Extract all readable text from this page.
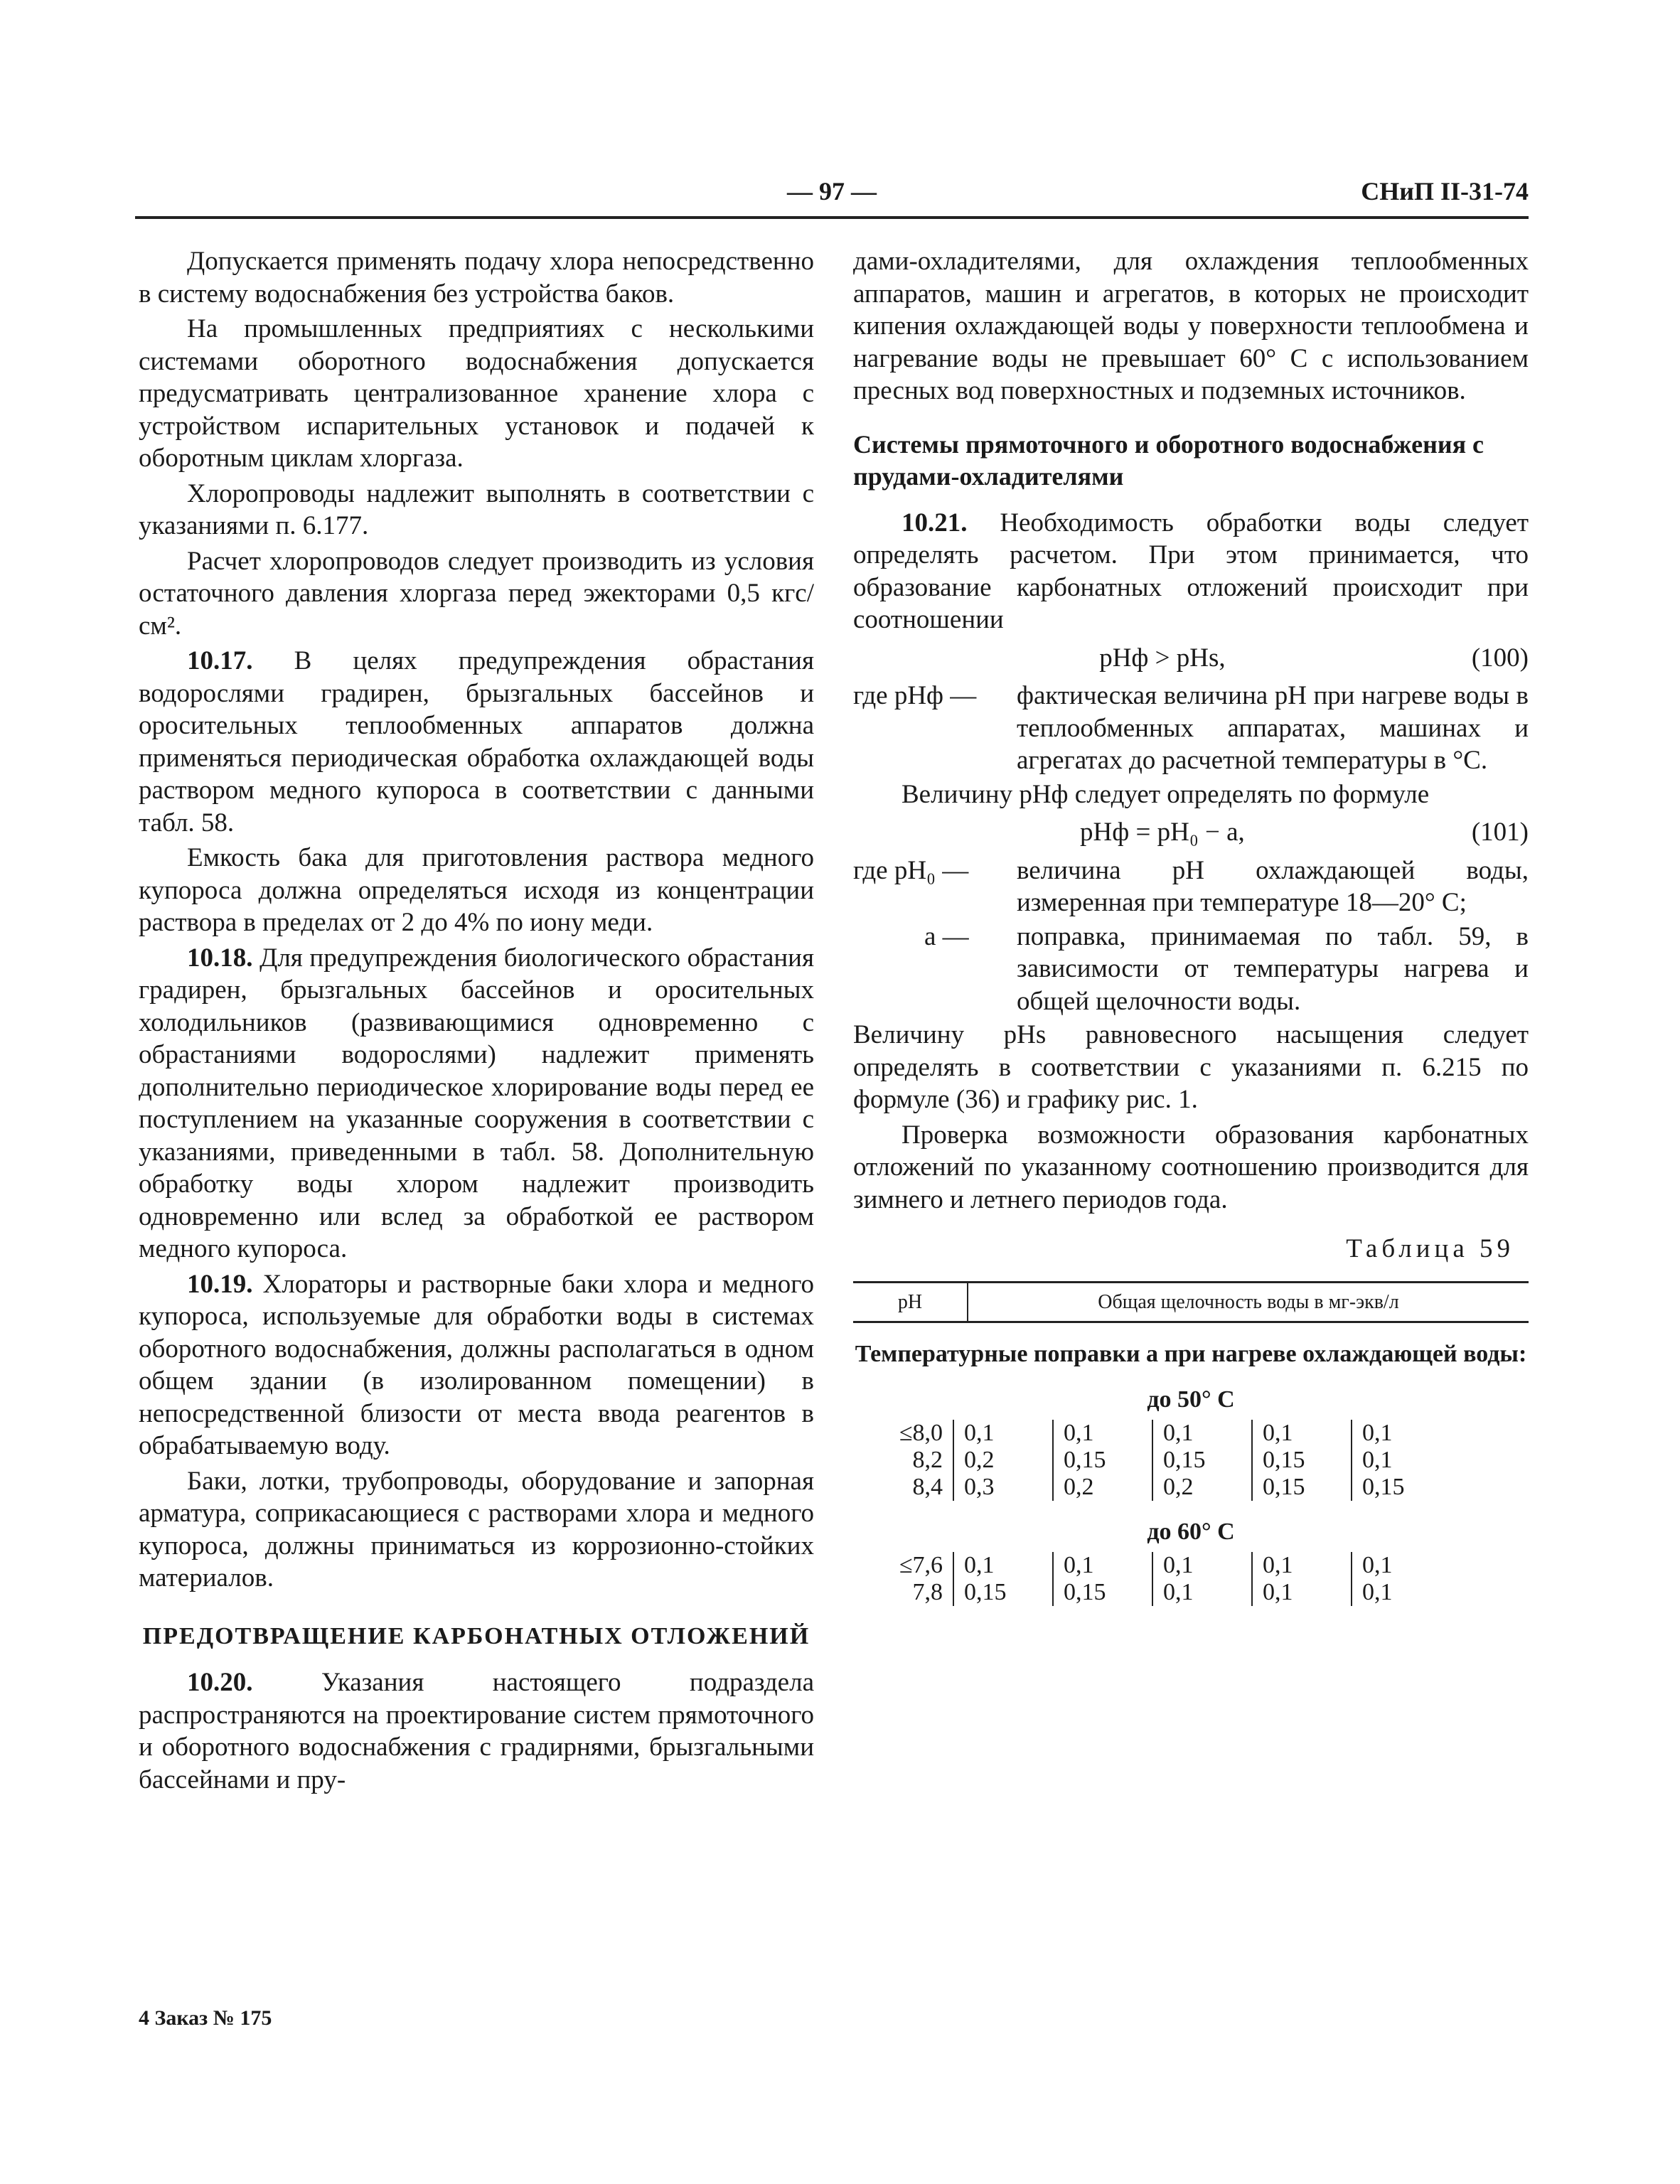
— 97 —	СНиП II-31-74

Допускается применять подачу хлора непосредственно в систему водоснабжения без устройства баков.

На промышленных предприятиях с несколькими системами оборотного водоснабжения допускается предусматривать централизованное хранение хлора с устройством испарительных установок и подачей к оборотным циклам хлоргаза.

Хлоропроводы надлежит выполнять в соответствии с указаниями п. 6.177.

Расчет хлоропроводов следует производить из условия остаточного давления хлоргаза перед эжекторами 0,5 кгс/см².

10.17. В целях предупреждения обрастания водорослями градирен, брызгальных бассейнов и оросительных теплообменных аппаратов должна применяться периодическая обработка охлаждающей воды раствором медного купороса в соответствии с данными табл. 58.

Емкость бака для приготовления раствора медного купороса должна определяться исходя из концентрации раствора в пределах от 2 до 4% по иону меди.

10.18. Для предупреждения биологического обрастания градирен, брызгальных бассейнов и оросительных холодильников (развивающимися одновременно с обрастаниями водорослями) надлежит применять дополнительно периодическое хлорирование воды перед ее поступлением на указанные сооружения в соответствии с указаниями, приведенными в табл. 58. Дополнительную обработку воды хлором надлежит производить одновременно или вслед за обработкой ее раствором медного купороса.

10.19. Хлораторы и растворные баки хлора и медного купороса, используемые для обработки воды в системах оборотного водоснабжения, должны располагаться в одном общем здании (в изолированном помещении) в непосредственной близости от места ввода реагентов в обрабатываемую воду.

Баки, лотки, трубопроводы, оборудование и запорная арматура, соприкасающиеся с растворами хлора и медного купороса, должны приниматься из коррозионно-стойких материалов.

ПРЕДОТВРАЩЕНИЕ КАРБОНАТНЫХ ОТЛОЖЕНИЙ

10.20. Указания настоящего подраздела распространяются на проектирование систем прямоточного и оборотного водоснабжения с градирнями, брызгальными бассейнами и пру-

дами-охладителями, для охлаждения теплообменных аппаратов, машин и агрегатов, в которых не происходит кипения охлаждающей воды у поверхности теплообмена и нагревание воды не превышает 60° С с использованием пресных вод поверхностных и подземных источников.

Системы прямоточного и оборотного водоснабжения с прудами-охладителями

10.21. Необходимость обработки воды следует определять расчетом. При этом принимается, что образование карбонатных отложений происходит при соотношении

pHф > pHs,	(100)
где pHф —	фактическая величина pH при нагреве воды в теплообменных аппаратах, машинах и агрегатах до расчетной температуры в °С.

Величину pHф следует определять по формуле

pHф = pH₀ − a,	(101)
где pH₀ —	величина pH охлаждающей воды, измеренная при температуре 18—20° С;
a —	поправка, принимаемая по табл. 59, в зависимости от температуры нагрева и общей щелочности воды.

Величину pHs равновесного насыщения следует определять в соответствии с указаниями п. 6.215 по формуле (36) и графику рис. 1.

Проверка возможности образования карбонатных отложений по указанному соотношению производится для зимнего и летнего периодов года.

Таблица 59
pH	Общая щелочность воды в мг-экв/л
Температурные поправки a при нагреве охлаждающей воды:
до 50° С
≤8,0	0,1	0,1	0,1	0,1	0,1
8,2	0,2	0,15	0,15	0,15	0,1
8,4	0,3	0,2	0,2	0,15	0,15
до 60° С
≤7,6	0,1	0,1	0,1	0,1	0,1
7,8	0,15	0,15	0,1	0,1	0,1
4 Заказ № 175
